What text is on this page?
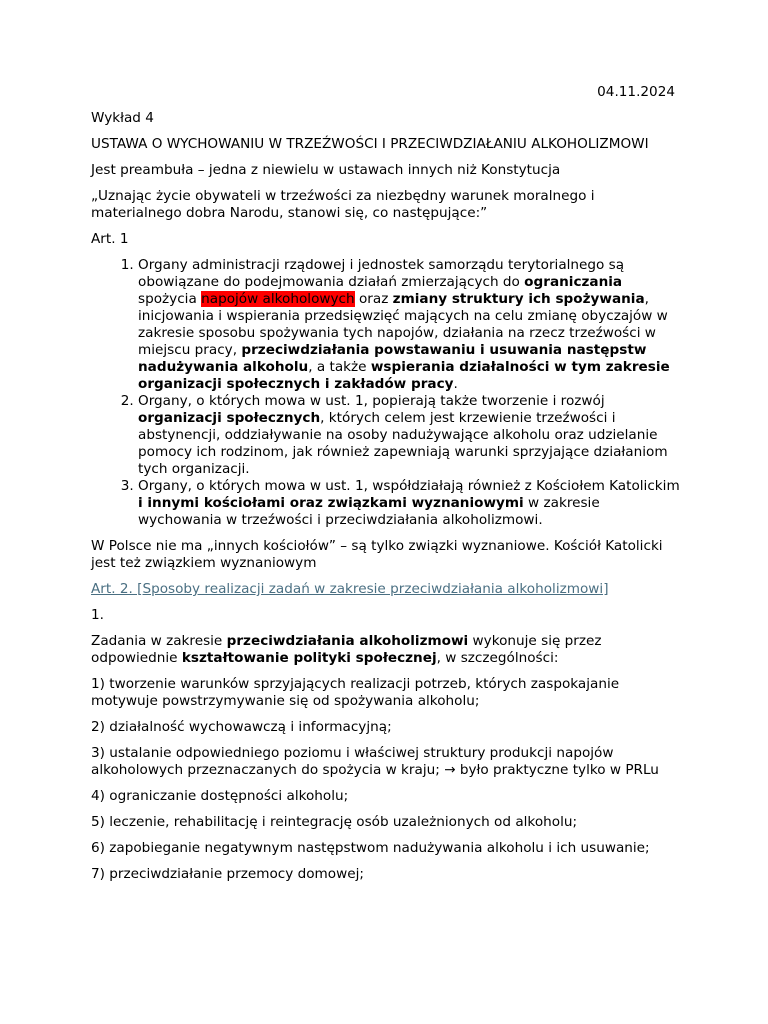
04.11.2024

Wykład 4

USTAWA O WYCHOWANIU W TRZEŹWOŚCI I PRZECIWDZIAŁANIU ALKOHOLIZMOWI

Jest preambuła – jedna z niewielu w ustawach innych niż Konstytucja

„Uznając życie obywateli w trzeźwości za niezbędny warunek moralnego i materialnego dobra Narodu, stanowi się, co następujące:”

Art. 1

1. Organy administracji rządowej i jednostek samorządu terytorialnego są obowiązane do podejmowania działań zmierzających do ograniczania spożycia napojów alkoholowych oraz zmiany struktury ich spożywania, inicjowania i wspierania przedsięwzięć mających na celu zmianę obyczajów w zakresie sposobu spożywania tych napojów, działania na rzecz trzeźwości w miejscu pracy, przeciwdziałania powstawaniu i usuwania następstw nadużywania alkoholu, a także wspierania działalności w tym zakresie organizacji społecznych i zakładów pracy.
2. Organy, o których mowa w ust. 1, popierają także tworzenie i rozwój organizacji społecznych, których celem jest krzewienie trzeźwości i abstynencji, oddziaływanie na osoby nadużywające alkoholu oraz udzielanie pomocy ich rodzinom, jak również zapewniają warunki sprzyjające działaniom tych organizacji.
3. Organy, o których mowa w ust. 1, współdziałają również z Kościołem Katolickim i innymi kościołami oraz związkami wyznaniowymi w zakresie wychowania w trzeźwości i przeciwdziałania alkoholizmowi.

W Polsce nie ma „innych kościołów” – są tylko związki wyznaniowe. Kościół Katolicki jest też związkiem wyznaniowym

Art. 2. [Sposoby realizacji zadań w zakresie przeciwdziałania alkoholizmowi]

1.

Zadania w zakresie przeciwdziałania alkoholizmowi wykonuje się przez odpowiednie kształtowanie polityki społecznej, w szczególności:

1) tworzenie warunków sprzyjających realizacji potrzeb, których zaspokajanie motywuje powstrzymywanie się od spożywania alkoholu;

2) działalność wychowawczą i informacyjną;

3) ustalanie odpowiedniego poziomu i właściwej struktury produkcji napojów alkoholowych przeznaczanych do spożycia w kraju; → było praktyczne tylko w PRLu

4) ograniczanie dostępności alkoholu;

5) leczenie, rehabilitację i reintegrację osób uzależnionych od alkoholu;

6) zapobieganie negatywnym następstwom nadużywania alkoholu i ich usuwanie;

7) przeciwdziałanie przemocy domowej;
